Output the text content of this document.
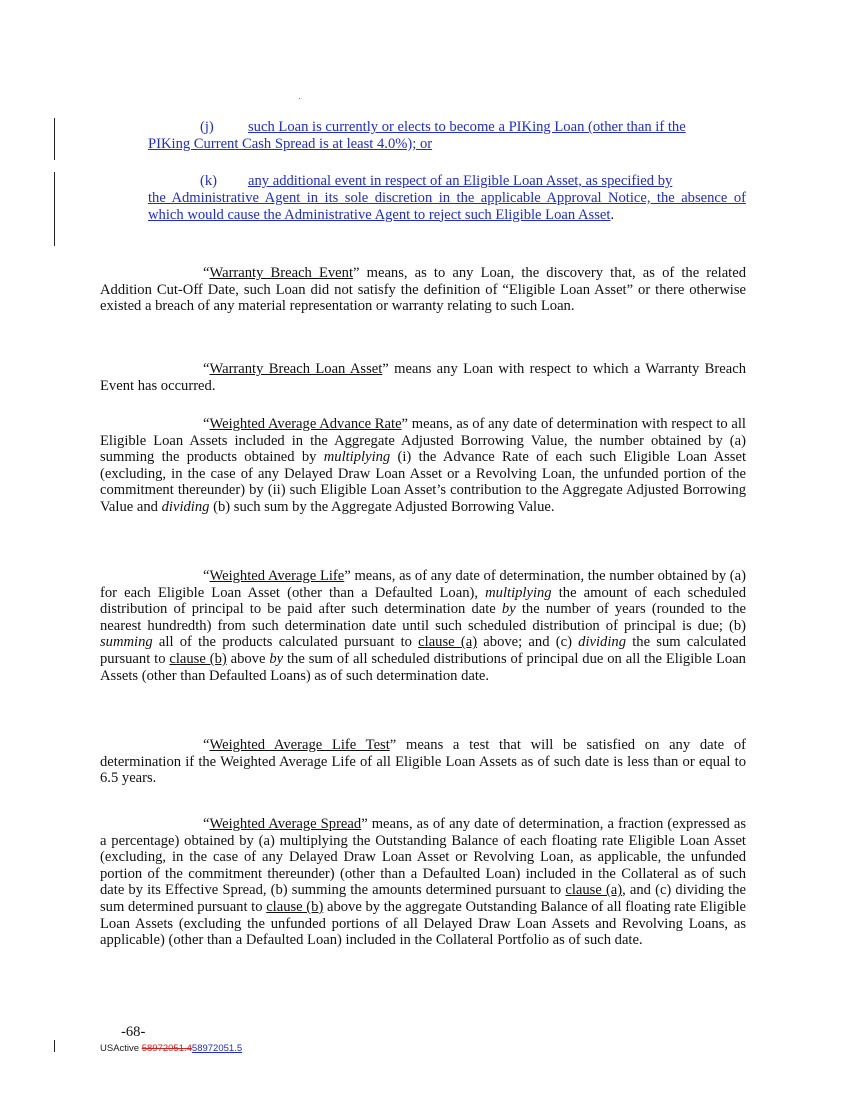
(j) such Loan is currently or elects to become a PIKing Loan (other than if the
PIKing Current Cash Spread is at least 4.0%); or
(k) any additional event in respect of an Eligible Loan Asset, as specified by
the Administrative Agent in its sole discretion in the applicable Approval Notice, the absence of which would cause the Administrative Agent to reject such Eligible Loan Asset.
“Warranty Breach Event” means, as to any Loan, the discovery that, as of the related Addition Cut-Off Date, such Loan did not satisfy the definition of “Eligible Loan Asset” or there otherwise existed a breach of any material representation or warranty relating to such Loan.
“Warranty Breach Loan Asset” means any Loan with respect to which a Warranty Breach Event has occurred.
“Weighted Average Advance Rate” means, as of any date of determination with respect to all Eligible Loan Assets included in the Aggregate Adjusted Borrowing Value, the number obtained by (a) summing the products obtained by multiplying (i) the Advance Rate of each such Eligible Loan Asset (excluding, in the case of any Delayed Draw Loan Asset or a Revolving Loan, the unfunded portion of the commitment thereunder) by (ii) such Eligible Loan Asset’s contribution to the Aggregate Adjusted Borrowing Value and dividing (b) such sum by the Aggregate Adjusted Borrowing Value.
“Weighted Average Life” means, as of any date of determination, the number obtained by (a) for each Eligible Loan Asset (other than a Defaulted Loan), multiplying the amount of each scheduled distribution of principal to be paid after such determination date by the number of years (rounded to the nearest hundredth) from such determination date until such scheduled distribution of principal is due; (b) summing all of the products calculated pursuant to clause (a) above; and (c) dividing the sum calculated pursuant to clause (b) above by the sum of all scheduled distributions of principal due on all the Eligible Loan Assets (other than Defaulted Loans) as of such determination date.
“Weighted Average Life Test” means a test that will be satisfied on any date of determination if the Weighted Average Life of all Eligible Loan Assets as of such date is less than or equal to 6.5 years.
“Weighted Average Spread” means, as of any date of determination, a fraction (expressed as a percentage) obtained by (a) multiplying the Outstanding Balance of each floating rate Eligible Loan Asset (excluding, in the case of any Delayed Draw Loan Asset or Revolving Loan, as applicable, the unfunded portion of the commitment thereunder) (other than a Defaulted Loan) included in the Collateral as of such date by its Effective Spread, (b) summing the amounts determined pursuant to clause (a), and (c) dividing the sum determined pursuant to clause (b) above by the aggregate Outstanding Balance of all floating rate Eligible Loan Assets (excluding the unfunded portions of all Delayed Draw Loan Assets and Revolving Loans, as applicable) (other than a Defaulted Loan) included in the Collateral Portfolio as of such date.
-68-
USActive 58972051.458972051.5
